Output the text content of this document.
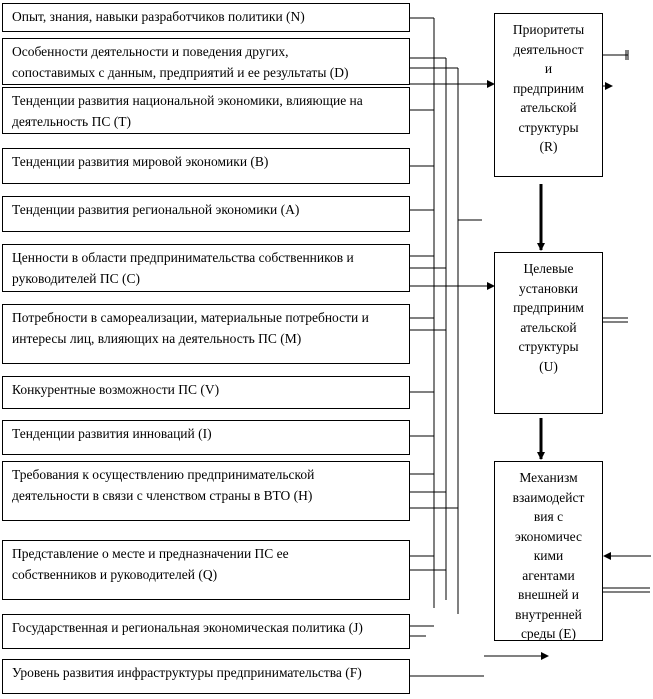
Опыт, знания, навыки разработчиков политики (N)
Особенности деятельности и поведения других,
сопоставимых с данным, предприятий и ее результаты (D)
Тенденции развития национальной экономики, влияющие на
деятельность ПС (T)
Тенденции развития мировой экономики (B)
Тенденции развития региональной экономики (A)
Ценности в области предпринимательства собственников и
руководителей ПС (C)
Потребности в самореализации, материальные потребности и
интересы лиц, влияющих на деятельность ПС (M)
Конкурентные возможности ПС (V)
Тенденции развития инноваций (I)
Требования к осуществлению предпринимательской
деятельности в связи с членством страны в ВТО (H)
Представление о месте и предназначении ПС ее
собственников и руководителей (Q)
Государственная и региональная экономическая политика (J)
Уровень развития инфраструктуры предпринимательства (F)
Приоритеты
деятельност
и
предприним
ательской
структуры
(R)
Целевые
установки
предприним
ательской
структуры
(U)
Механизм
взаимодейст
вия с
экономичес
кими
агентами
внешней и
внутренней
среды (E)
